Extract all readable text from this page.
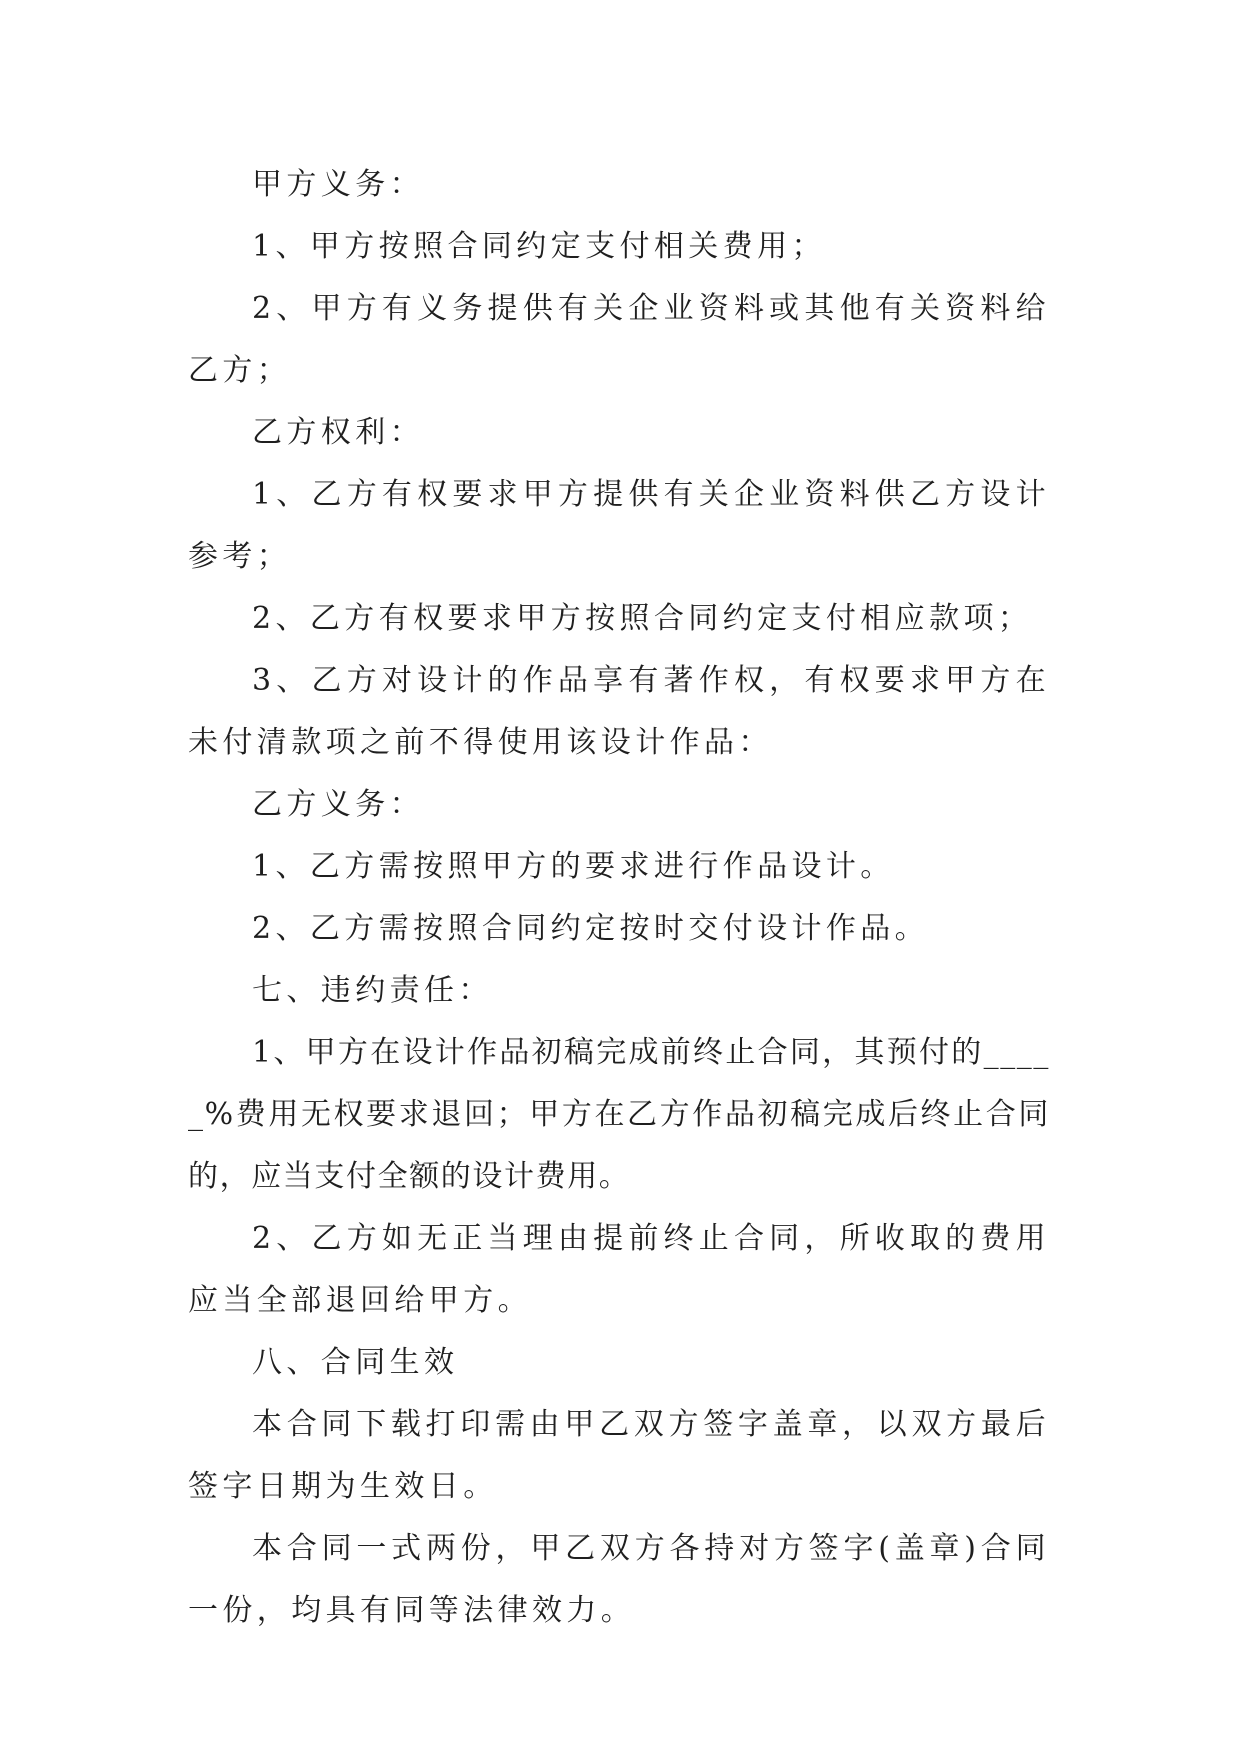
甲方义务：

1、甲方按照合同约定支付相关费用；

2、甲方有义务提供有关企业资料或其他有关资料给乙方；

乙方权利：

1、乙方有权要求甲方提供有关企业资料供乙方设计参考；

2、乙方有权要求甲方按照合同约定支付相应款项；

3、乙方对设计的作品享有著作权，有权要求甲方在未付清款项之前不得使用该设计作品：

乙方义务：

1、乙方需按照甲方的要求进行作品设计。

2、乙方需按照合同约定按时交付设计作品。

七、违约责任：

1、甲方在设计作品初稿完成前终止合同，其预付的_____%费用无权要求退回；甲方在乙方作品初稿完成后终止合同的，应当支付全额的设计费用。

2、乙方如无正当理由提前终止合同，所收取的费用应当全部退回给甲方。

八、合同生效

本合同下载打印需由甲乙双方签字盖章，以双方最后签字日期为生效日。

本合同一式两份，甲乙双方各持对方签字(盖章)合同一份，均具有同等法律效力。
